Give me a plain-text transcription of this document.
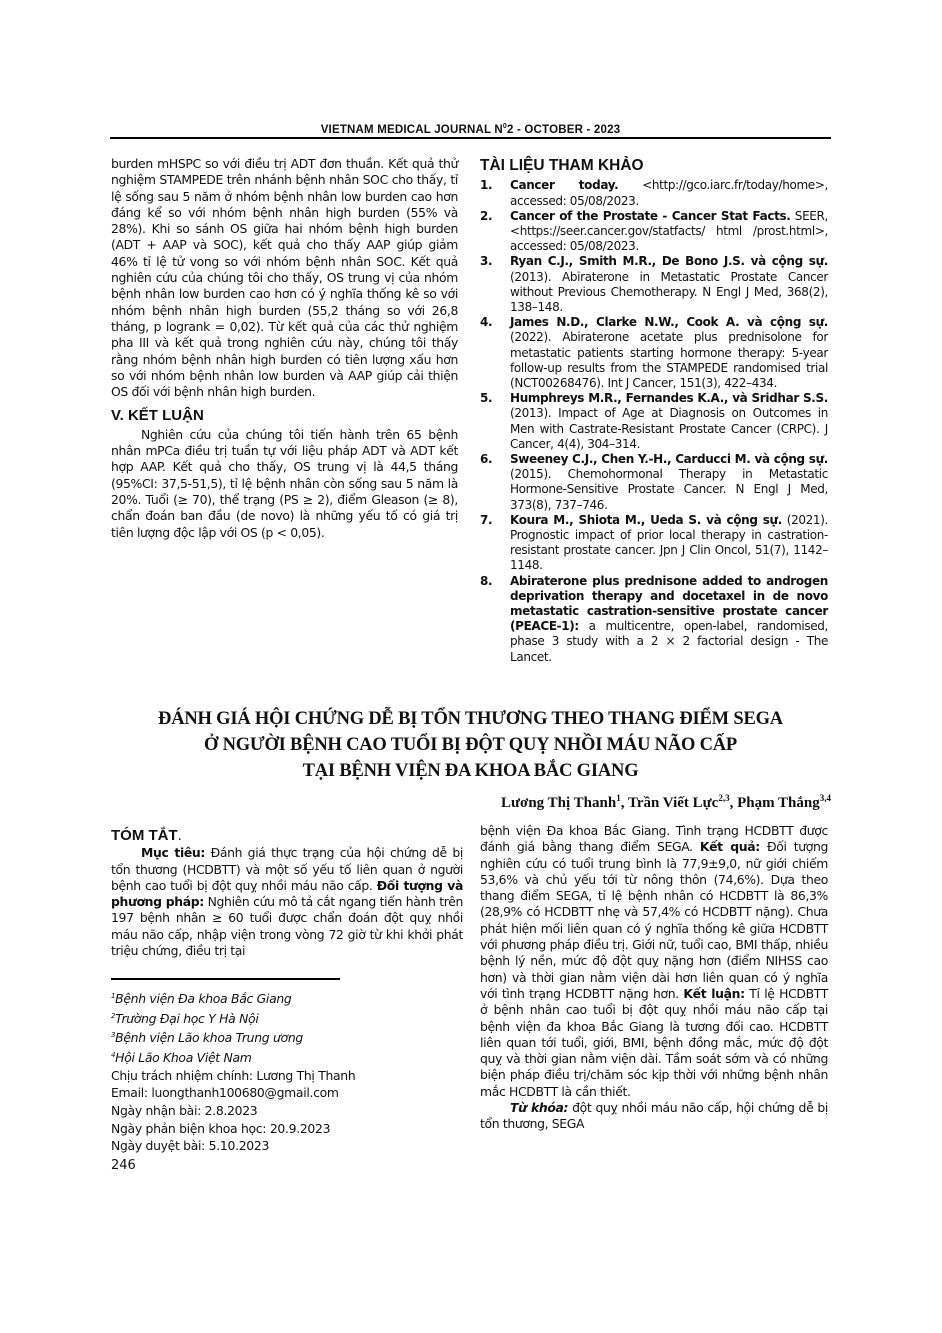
VIETNAM MEDICAL JOURNAL $N^02$ - OCTOBER - 2023

burden mHSPC so với điều trị ADT đơn thuần. Kết quả thử nghiệm STAMPEDE trên nhánh bệnh nhân SOC cho thấy, tỉ lệ sống sau 5 năm ở nhóm bệnh nhân low burden cao hơn đáng kể so với nhóm bệnh nhân high burden (55% và 28%). Khi so sánh OS giữa hai nhóm bệnh high burden (ADT + AAP và SOC), kết quả cho thấy AAP giúp giảm 46% tỉ lệ tử vong so với nhóm bệnh nhân SOC. Kết quả nghiên cứu của chúng tôi cho thấy, OS trung vị của nhóm bệnh nhân low burden cao hơn có ý nghĩa thống kê so với nhóm bệnh nhân high burden (55,2 tháng so với 26,8 tháng, p logrank = 0,02). Từ kết quả của các thử nghiệm pha III và kết quả trong nghiên cứu này, chúng tôi thấy rằng nhóm bệnh nhân high burden có tiên lượng xấu hơn so với nhóm bệnh nhân low burden và AAP giúp cải thiện OS đối với bệnh nhân high burden.

V. KẾT LUẬN

Nghiên cứu của chúng tôi tiến hành trên 65 bệnh nhân mPCa điều trị tuần tự với liệu pháp ADT và ADT kết hợp AAP. Kết quả cho thấy, OS trung vị là 44,5 tháng (95%CI: 37,5-51,5), tỉ lệ bệnh nhân còn sống sau 5 năm là 20%. Tuổi (≥ 70), thể trạng (PS ≥ 2), điểm Gleason (≥ 8), chẩn đoán ban đầu (de novo) là những yếu tố có giá trị tiên lượng độc lập với OS (p < 0,05).

TÀI LIỆU THAM KHẢO
1.	Cancer today. <http://gco.iarc.fr/today/home>, accessed: 05/08/2023.
2.	Cancer of the Prostate - Cancer Stat Facts. SEER, <https://seer.cancer.gov/statfacts/ html /prost.html>, accessed: 05/08/2023.
3.	Ryan C.J., Smith M.R., De Bono J.S. và cộng sự. (2013). Abiraterone in Metastatic Prostate Cancer without Previous Chemotherapy. N Engl J Med, 368(2), 138–148.
4.	James N.D., Clarke N.W., Cook A. và cộng sự. (2022). Abiraterone acetate plus prednisolone for metastatic patients starting hormone therapy: 5-year follow-up results from the STAMPEDE randomised trial (NCT00268476). Int J Cancer, 151(3), 422–434.
5.	Humphreys M.R., Fernandes K.A., và Sridhar S.S. (2013). Impact of Age at Diagnosis on Outcomes in Men with Castrate-Resistant Prostate Cancer (CRPC). J Cancer, 4(4), 304–314.
6.	Sweeney C.J., Chen Y.-H., Carducci M. và cộng sự. (2015). Chemohormonal Therapy in Metastatic Hormone-Sensitive Prostate Cancer. N Engl J Med, 373(8), 737–746.
7.	Koura M., Shiota M., Ueda S. và cộng sự. (2021). Prognostic impact of prior local therapy in castration-resistant prostate cancer. Jpn J Clin Oncol, 51(7), 1142–1148.
8.	Abiraterone plus prednisone added to androgen deprivation therapy and docetaxel in de novo metastatic castration-sensitive prostate cancer (PEACE-1): a multicentre, open-label, randomised, phase 3 study with a 2 × 2 factorial design - The Lancet.
ĐÁNH GIÁ HỘI CHỨNG DỄ BỊ TỔN THƯƠNG THEO THANG ĐIỂM SEGA
Ở NGƯỜI BỆNH CAO TUỔI BỊ ĐỘT QUỴ NHỒI MÁU NÃO CẤP
TẠI BỆNH VIỆN ĐA KHOA BẮC GIANG
Lương Thị Thanh$^1$, Trần Viết Lực$^{2,3}$, Phạm Thắng$^{3,4}$
TÓM TẮT.

Mục tiêu: Đánh giá thực trạng của hội chứng dễ bị tổn thương (HCDBTT) và một số yếu tố liên quan ở người bệnh cao tuổi bị đột quỵ nhồi máu não cấp. Đối tượng và phương pháp: Nghiên cứu mô tả cắt ngang tiến hành trên 197 bệnh nhân ≥ 60 tuổi được chẩn đoán đột quỵ nhồi máu não cấp, nhập viện trong vòng 72 giờ từ khi khởi phát triệu chứng, điều trị tại

bệnh viện Đa khoa Bắc Giang. Tình trạng HCDBTT được đánh giá bằng thang điểm SEGA. Kết quả: Đối tượng nghiên cứu có tuổi trung bình là 77,9±9,0, nữ giới chiếm 53,6% và chủ yếu tới từ nông thôn (74,6%). Dựa theo thang điểm SEGA, tỉ lệ bệnh nhân có HCDBTT là 86,3% (28,9% có HCDBTT nhẹ và 57,4% có HCDBTT nặng). Chưa phát hiện mối liên quan có ý nghĩa thống kê giữa HCDBTT với phương pháp điều trị. Giới nữ, tuổi cao, BMI thấp, nhiều bệnh lý nền, mức độ đột quỵ nặng hơn (điểm NIHSS cao hơn) và thời gian nằm viện dài hơn liên quan có ý nghĩa với tình trạng HCDBTT nặng hơn. Kết luận: Tỉ lệ HCDBTT ở bệnh nhân cao tuổi bị đột quỵ nhồi máu não cấp tại bệnh viện đa khoa Bắc Giang là tương đối cao. HCDBTT liên quan tới tuổi, giới, BMI, bệnh đồng mắc, mức độ đột quỵ và thời gian nằm viện dài. Tầm soát sớm và có những biện pháp điều trị/chăm sóc kịp thời với những bệnh nhân mắc HCDBTT là cần thiết.

Từ khóa: đột quỵ nhồi máu não cấp, hội chứng dễ bị tổn thương, SEGA

$^1$Bệnh viện Đa khoa Bắc Giang
$^2$Trường Đại học Y Hà Nội
$^3$Bệnh viện Lão khoa Trung ương
$^4$Hội Lão Khoa Việt Nam
Chịu trách nhiệm chính: Lương Thị Thanh
Email: luongthanh100680@gmail.com
Ngày nhận bài: 2.8.2023
Ngày phản biện khoa học: 20.9.2023
Ngày duyệt bài: 5.10.2023
246
